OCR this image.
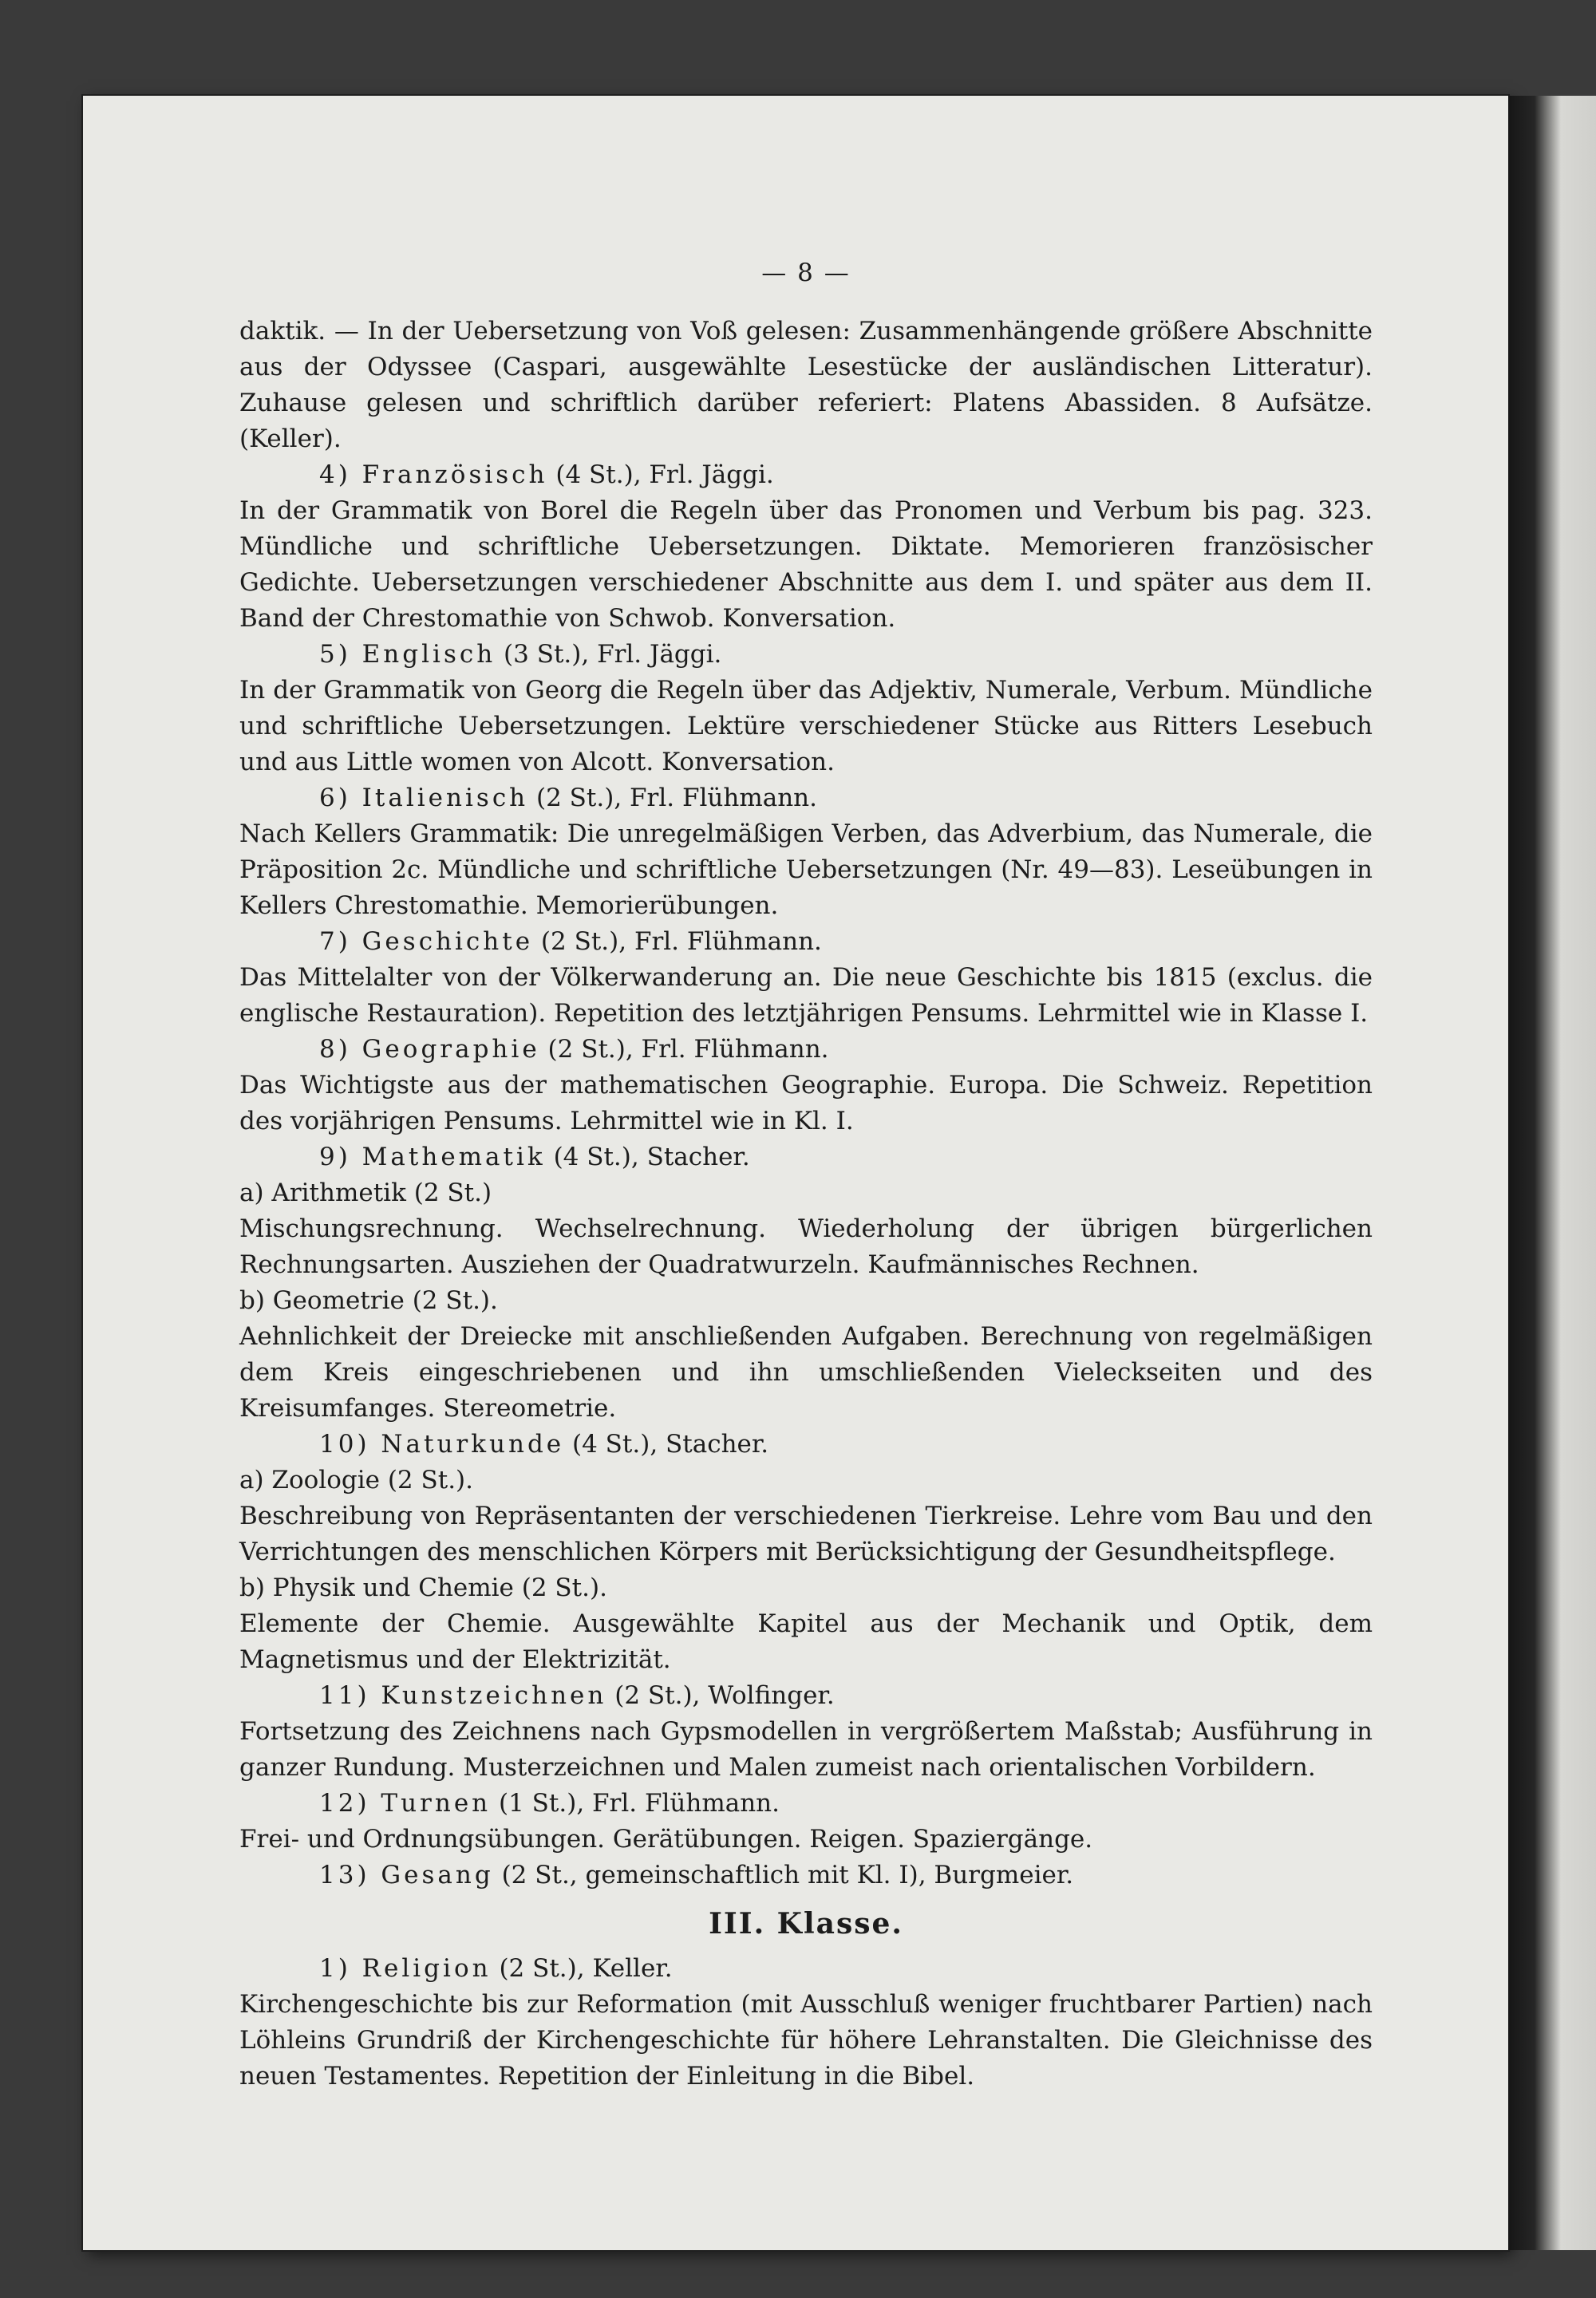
— 8 —

daktik. — In der Uebersetzung von Voß gelesen: Zusammenhängende größere Abschnitte aus der Odyssee (Caspari, ausgewählte Lesestücke der ausländischen Litteratur). Zuhause gelesen und schriftlich darüber referiert: Platens Abassiden. 8 Aufsätze. (Keller).

4) Französisch (4 St.), Frl. Jäggi.

In der Grammatik von Borel die Regeln über das Pronomen und Verbum bis pag. 323. Mündliche und schriftliche Uebersetzungen. Diktate. Memorieren französischer Gedichte. Uebersetzungen verschiedener Abschnitte aus dem I. und später aus dem II. Band der Chrestomathie von Schwob. Konversation.

5) Englisch (3 St.), Frl. Jäggi.

In der Grammatik von Georg die Regeln über das Adjektiv, Numerale, Verbum. Mündliche und schriftliche Uebersetzungen. Lektüre verschiedener Stücke aus Ritters Lesebuch und aus Little women von Alcott. Konversation.

6) Italienisch (2 St.), Frl. Flühmann.

Nach Kellers Grammatik: Die unregelmäßigen Verben, das Adverbium, das Numerale, die Präposition 2c. Mündliche und schriftliche Uebersetzungen (Nr. 49—83). Leseübungen in Kellers Chrestomathie. Memorierübungen.

7) Geschichte (2 St.), Frl. Flühmann.

Das Mittelalter von der Völkerwanderung an. Die neue Geschichte bis 1815 (exclus. die englische Restauration). Repetition des letztjährigen Pensums. Lehrmittel wie in Klasse I.

8) Geographie (2 St.), Frl. Flühmann.

Das Wichtigste aus der mathematischen Geographie. Europa. Die Schweiz. Repetition des vorjährigen Pensums. Lehrmittel wie in Kl. I.

9) Mathematik (4 St.), Stacher.

a) Arithmetik (2 St.)

Mischungsrechnung. Wechselrechnung. Wiederholung der übrigen bürgerlichen Rechnungsarten. Ausziehen der Quadratwurzeln. Kaufmännisches Rechnen.

b) Geometrie (2 St.).

Aehnlichkeit der Dreiecke mit anschließenden Aufgaben. Berechnung von regelmäßigen dem Kreis eingeschriebenen und ihn umschließenden Vieleckseiten und des Kreisumfanges. Stereometrie.

10) Naturkunde (4 St.), Stacher.

a) Zoologie (2 St.).

Beschreibung von Repräsentanten der verschiedenen Tierkreise. Lehre vom Bau und den Verrichtungen des menschlichen Körpers mit Berücksichtigung der Gesundheitspflege.

b) Physik und Chemie (2 St.).

Elemente der Chemie. Ausgewählte Kapitel aus der Mechanik und Optik, dem Magnetismus und der Elektrizität.

11) Kunstzeichnen (2 St.), Wolfinger.

Fortsetzung des Zeichnens nach Gypsmodellen in vergrößertem Maßstab; Ausführung in ganzer Rundung. Musterzeichnen und Malen zumeist nach orientalischen Vorbildern.

12) Turnen (1 St.), Frl. Flühmann.

Frei- und Ordnungsübungen. Gerätübungen. Reigen. Spaziergänge.

13) Gesang (2 St., gemeinschaftlich mit Kl. I), Burgmeier.

III. Klasse.

1) Religion (2 St.), Keller.

Kirchengeschichte bis zur Reformation (mit Ausschluß weniger fruchtbarer Partien) nach Löhleins Grundriß der Kirchengeschichte für höhere Lehranstalten. Die Gleichnisse des neuen Testamentes. Repetition der Einleitung in die Bibel.
